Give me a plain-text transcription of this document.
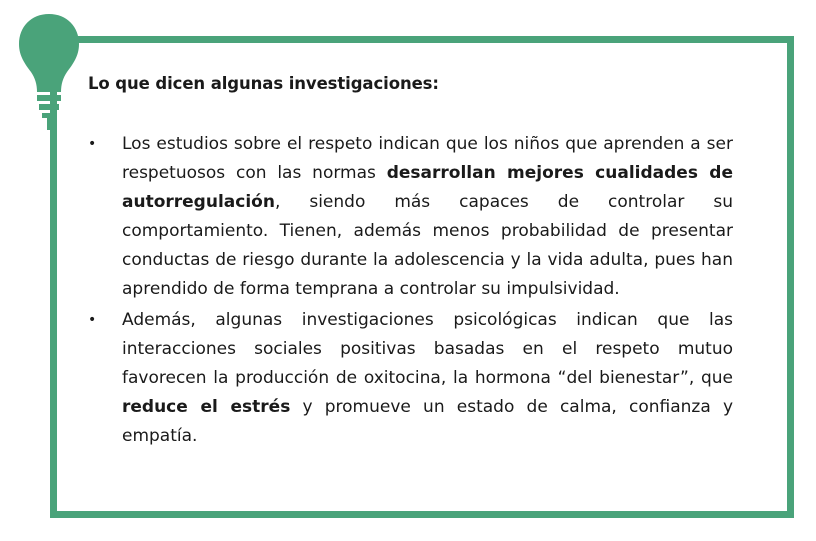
Lo que dicen algunas investigaciones:
• Los estudios sobre el respeto indican que los niños que aprenden a ser respetuosos con las normas desarrollan mejores cualidades de autorregulación, siendo más capaces de controlar su comportamiento. Tienen, además menos probabilidad de presentar conductas de riesgo durante la adolescencia y la vida adulta, pues han aprendido de forma temprana a controlar su impulsividad.
• Además, algunas investigaciones psicológicas indican que las interacciones sociales positivas basadas en el respeto mutuo favorecen la producción de oxitocina, la hormona “del bienestar”, que reduce el estrés y promueve un estado de calma, confianza y empatía.
